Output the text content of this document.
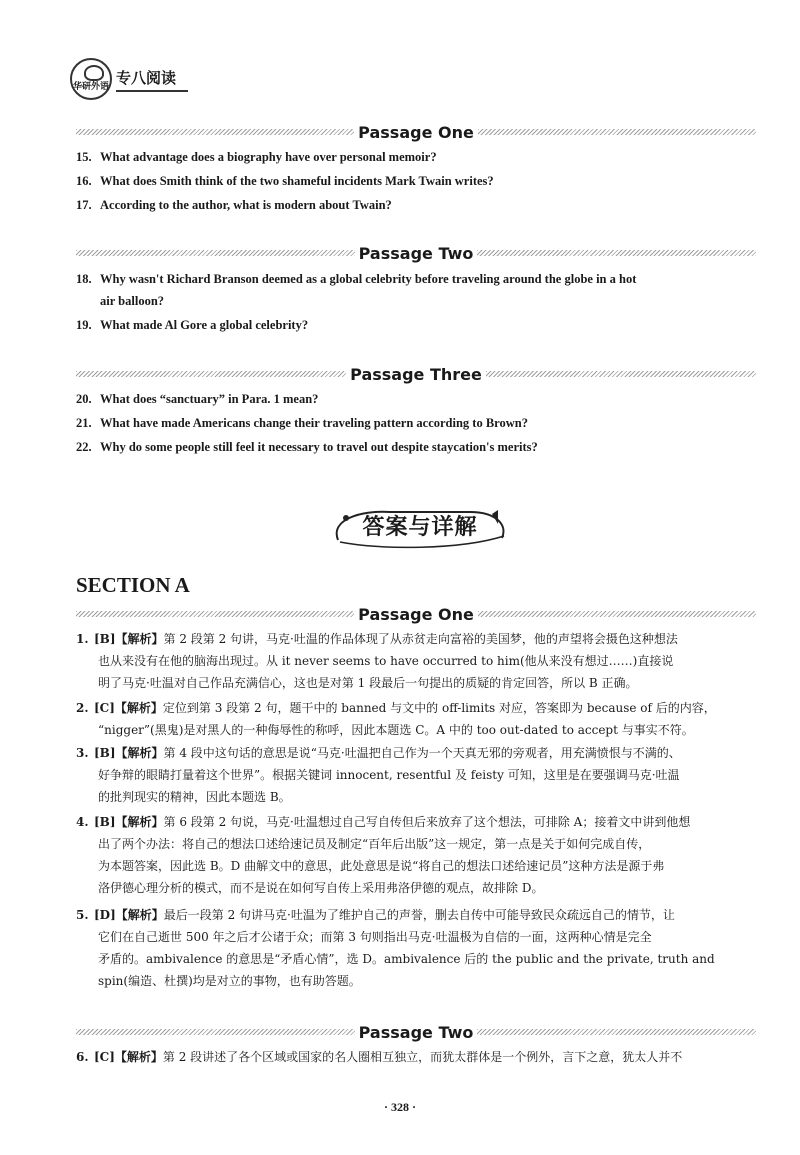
华研外语
专八阅读
Passage One
15. What advantage does a biography have over personal memoir?
16. What does Smith think of the two shameful incidents Mark Twain writes?
17. According to the author, what is modern about Twain?
Passage Two
18. Why wasn't Richard Branson deemed as a global celebrity before traveling around the globe in a hot
air balloon?
19. What made Al Gore a global celebrity?
Passage Three
20. What does “sanctuary” in Para. 1 mean?
21. What have made Americans change their traveling pattern according to Brown?
22. Why do some people still feel it necessary to travel out despite staycation's merits?
答案与详解
SECTION A
Passage One
1. [B]【解析】第 2 段第 2 句讲，马克·吐温的作品体现了从赤贫走向富裕的美国梦，他的声望将会摄色这种想法
也从来没有在他的脑海出现过。从 it never seems to have occurred to him(他从来没有想过……)直接说
明了马克·吐温对自己作品充满信心，这也是对第 1 段最后一句提出的质疑的肯定回答，所以 B 正确。
2. [C]【解析】定位到第 3 段第 2 句，题干中的 banned 与文中的 off-limits 对应，答案即为 because of 后的内容，
“nigger”(黑鬼)是对黑人的一种侮辱性的称呼，因此本题选 C。A 中的 too out-dated to accept 与事实不符。
3. [B]【解析】第 4 段中这句话的意思是说“马克·吐温把自己作为一个天真无邪的旁观者，用充满愤恨与不满的、
好争辩的眼睛打量着这个世界”。根据关键词 innocent, resentful 及 feisty 可知，这里是在要强调马克·吐温
的批判现实的精神，因此本题选 B。
4. [B]【解析】第 6 段第 2 句说，马克·吐温想过自己写自传但后来放弃了这个想法，可排除 A；接着文中讲到他想
出了两个办法：将自己的想法口述给速记员及制定“百年后出版”这一规定，第一点是关于如何完成自传，
为本题答案，因此选 B。D 曲解文中的意思，此处意思是说“将自己的想法口述给速记员”这种方法是源于弗
洛伊德心理分析的模式，而不是说在如何写自传上采用弗洛伊德的观点，故排除 D。
5. [D]【解析】最后一段第 2 句讲马克·吐温为了维护自己的声誉，删去自传中可能导致民众疏远自己的情节，让
它们在自己逝世 500 年之后才公诸于众；而第 3 句则指出马克·吐温极为自信的一面，这两种心情是完全
矛盾的。ambivalence 的意思是“矛盾心情”，选 D。ambivalence 后的 the public and the private, truth and
spin(编造、杜撰)均是对立的事物，也有助答题。
Passage Two
6. [C]【解析】第 2 段讲述了各个区域或国家的名人圈相互独立，而犹太群体是一个例外，言下之意，犹太人并不
· 328 ·
